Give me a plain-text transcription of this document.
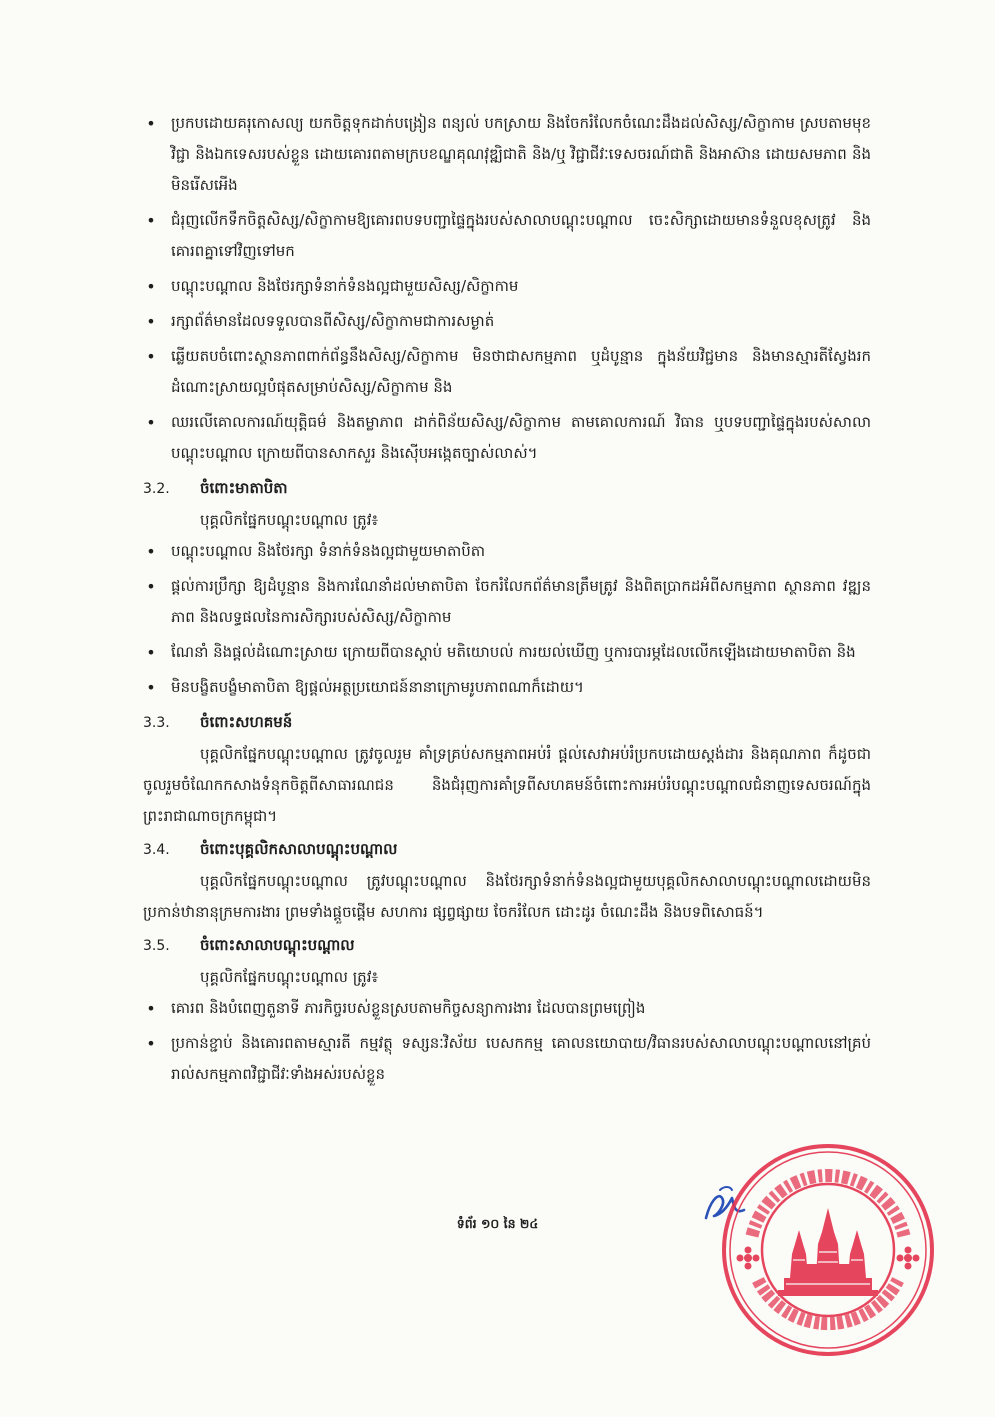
• ប្រកបដោយគរុកោសល្យ យកចិត្តទុកដាក់បង្រៀន ពន្យល់ បកស្រាយ និងចែករំលែកចំណេះដឹងដល់សិស្ស/សិក្ខាកាម ស្របតាមមុខវិជ្ជា និងឯកទេសរបស់ខ្លួន ដោយគោរពតាមក្របខណ្ឌគុណវុឌ្ឍិជាតិ និង/ឬ វិជ្ជាជីវៈទេសចរណ៍ជាតិ និងអាស៊ាន ដោយសមភាព និងមិនរើសអើង
• ជំរុញលើកទឹកចិត្តសិស្ស/សិក្ខាកាមឱ្យគោរពបទបញ្ជាផ្ទៃក្នុងរបស់សាលាបណ្ដុះបណ្ដាល ចេះសិក្សាដោយមានទំនួលខុសត្រូវ និងគោរពគ្នាទៅវិញទៅមក
• បណ្ដុះបណ្ដាល និងថែរក្សាទំនាក់ទំនងល្អជាមួយសិស្ស/សិក្ខាកាម
• រក្សាព័ត៌មានដែលទទួលបានពីសិស្ស/សិក្ខាកាមជាការសម្ងាត់
• ឆ្លើយតបចំពោះស្ថានភាពពាក់ព័ន្ធនឹងសិស្ស/សិក្ខាកាម មិនថាជាសកម្មភាព ឬដំបូន្មាន ក្នុងន័យវិជ្ជមាន និងមានស្មារតីស្វែងរកដំណោះស្រាយល្អបំផុតសម្រាប់សិស្ស/សិក្ខាកាម និង
• ឈរលើគោលការណ៍យុត្តិធម៌ និងតម្លាភាព ដាក់ពិន័យសិស្ស/សិក្ខាកាម តាមគោលការណ៍ វិធាន ឬបទបញ្ជាផ្ទៃក្នុងរបស់សាលាបណ្ដុះបណ្ដាល ក្រោយពីបានសាកសួរ និងស៊ើបអង្កេតច្បាស់លាស់។
3.2.	ចំពោះមាតាបិតា
បុគ្គលិកផ្នែកបណ្ដុះបណ្ដាល ត្រូវ៖
• បណ្ដុះបណ្ដាល និងថែរក្សា ទំនាក់ទំនងល្អជាមួយមាតាបិតា
• ផ្ដល់ការប្រឹក្សា ឱ្យដំបូន្មាន និងការណែនាំដល់មាតាបិតា ចែករំលែកព័ត៌មានត្រឹមត្រូវ និងពិតប្រាកដអំពីសកម្មភាព ស្ថានភាព វឌ្ឍនភាព និងលទ្ធផលនៃការសិក្សារបស់សិស្ស/សិក្ខាកាម
• ណែនាំ និងផ្ដល់ដំណោះស្រាយ ក្រោយពីបានស្ដាប់ មតិយោបល់ ការយល់ឃើញ ឬការបារម្ភដែលលើកឡើងដោយមាតាបិតា និង
• មិនបង្ខិតបង្ខំមាតាបិតា ឱ្យផ្ដល់អត្ថប្រយោជន៍នានាក្រោមរូបភាពណាក៏ដោយ។
3.3.	ចំពោះសហគមន៍
បុគ្គលិកផ្នែកបណ្ដុះបណ្ដាល ត្រូវចូលរួម គាំទ្រគ្រប់សកម្មភាពអប់រំ ផ្ដល់សេវាអប់រំប្រកបដោយស្តង់ដារ និងគុណភាព ក៏ដូចជាចូលរួមចំណែកកសាងទំនុកចិត្តពីសាធារណជន និងជំរុញការគាំទ្រពីសហគមន៍ចំពោះការអប់រំបណ្ដុះបណ្ដាលជំនាញទេសចរណ៍ក្នុងព្រះរាជាណាចក្រកម្ពុជា។
3.4.	ចំពោះបុគ្គលិកសាលាបណ្ដុះបណ្ដាល
បុគ្គលិកផ្នែកបណ្ដុះបណ្ដាល ត្រូវបណ្ដុះបណ្ដាល និងថែរក្សាទំនាក់ទំនងល្អជាមួយបុគ្គលិកសាលាបណ្ដុះបណ្ដាលដោយមិនប្រកាន់ឋានានុក្រមការងារ ព្រមទាំងផ្តួចផ្តើម សហការ ផ្សព្វផ្សាយ ចែករំលែក ដោះដូរ ចំណេះដឹង និងបទពិសោធន៍។
3.5.	ចំពោះសាលាបណ្ដុះបណ្ដាល
បុគ្គលិកផ្នែកបណ្ដុះបណ្ដាល ត្រូវ៖
• គោរព និងបំពេញតួនាទី ភារកិច្ចរបស់ខ្លួនស្របតាមកិច្ចសន្យាការងារ ដែលបានព្រមព្រៀង
• ប្រកាន់ខ្ជាប់ និងគោរពតាមស្មារតី កម្មវត្ថុ ទស្សនៈវិស័យ បេសកកម្ម គោលនយោបាយ/វិធានរបស់សាលាបណ្ដុះបណ្ដាលនៅគ្រប់រាល់សកម្មភាពវិជ្ជាជីវៈទាំងអស់របស់ខ្លួន
ទំព័រ ១០ នៃ ២៤
